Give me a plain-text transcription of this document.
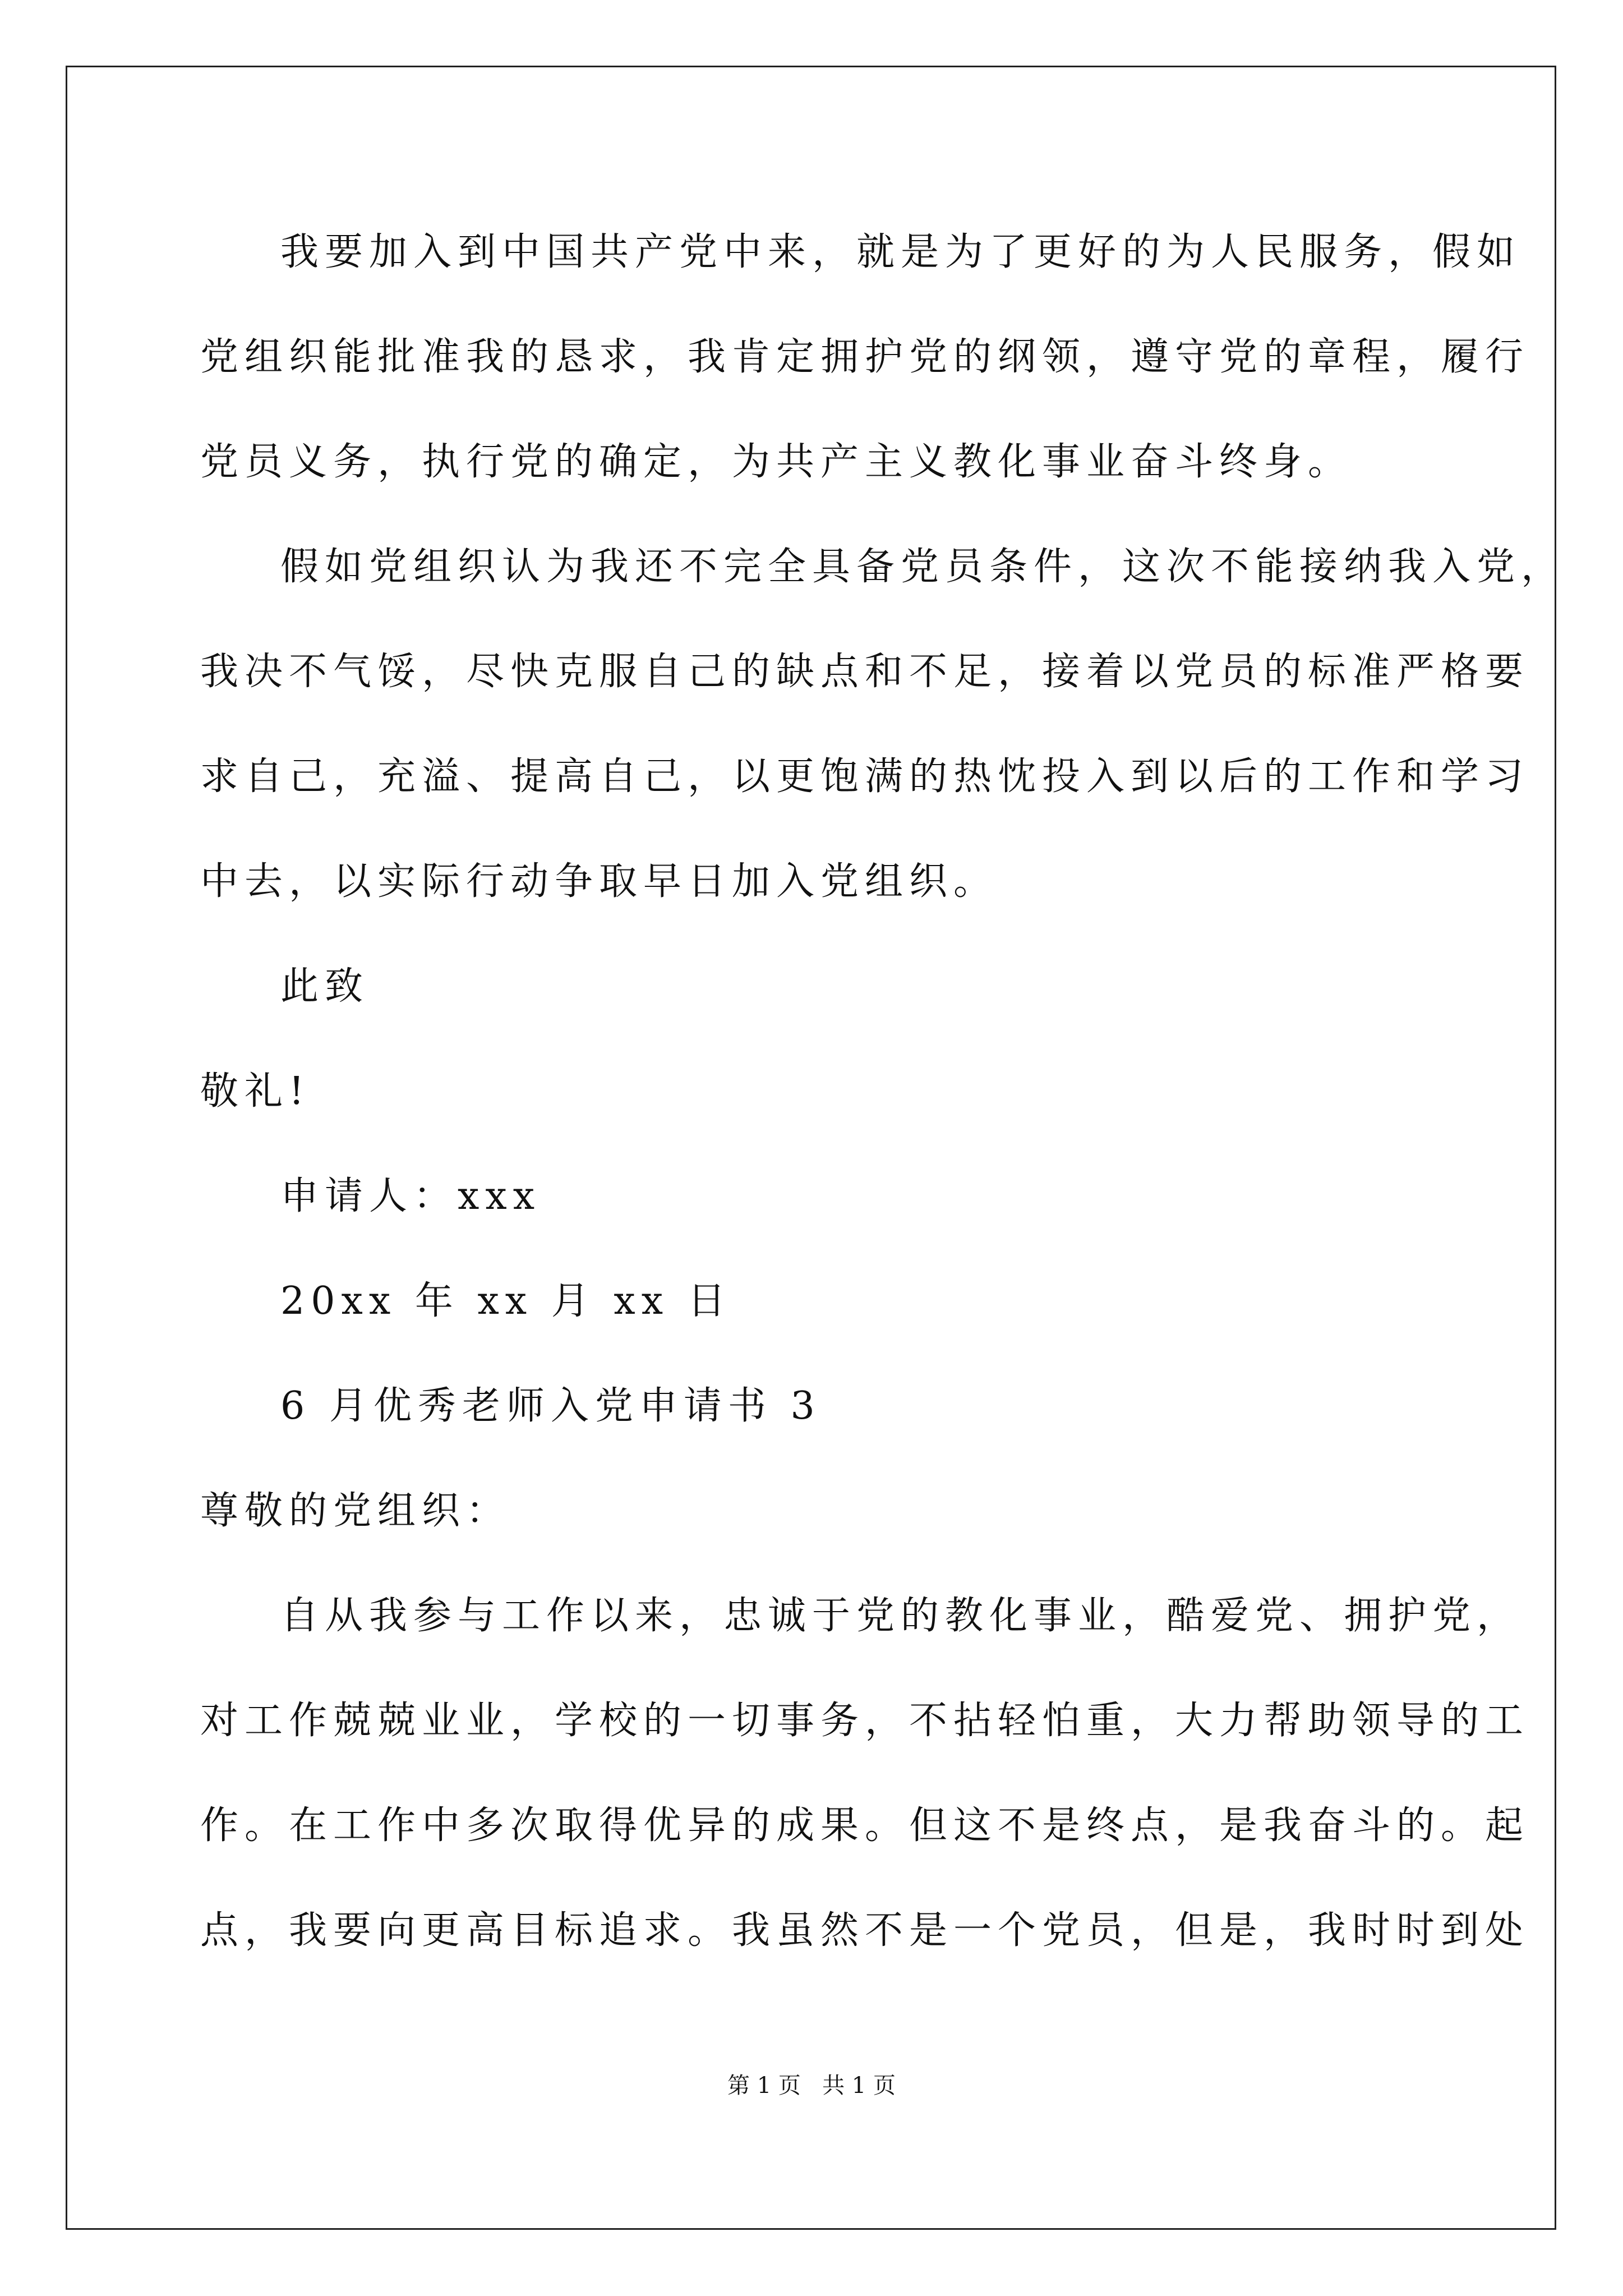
我要加入到中国共产党中来，就是为了更好的为人民服务，假如
党组织能批准我的恳求，我肯定拥护党的纲领，遵守党的章程，履行
党员义务，执行党的确定，为共产主义教化事业奋斗终身。
假如党组织认为我还不完全具备党员条件，这次不能接纳我入党，
我决不气馁，尽快克服自己的缺点和不足，接着以党员的标准严格要
求自己，充溢、提高自己，以更饱满的热忱投入到以后的工作和学习
中去，以实际行动争取早日加入党组织。
此致
敬礼!
申请人：xxx
20xx 年 xx 月 xx 日
6 月优秀老师入党申请书 3
尊敬的党组织：
自从我参与工作以来，忠诚于党的教化事业，酷爱党、拥护党，
对工作兢兢业业，学校的一切事务，不拈轻怕重，大力帮助领导的工
作。在工作中多次取得优异的成果。但这不是终点，是我奋斗的。起
点，我要向更高目标追求。我虽然不是一个党员，但是，我时时到处
第 1 页   共 1 页
